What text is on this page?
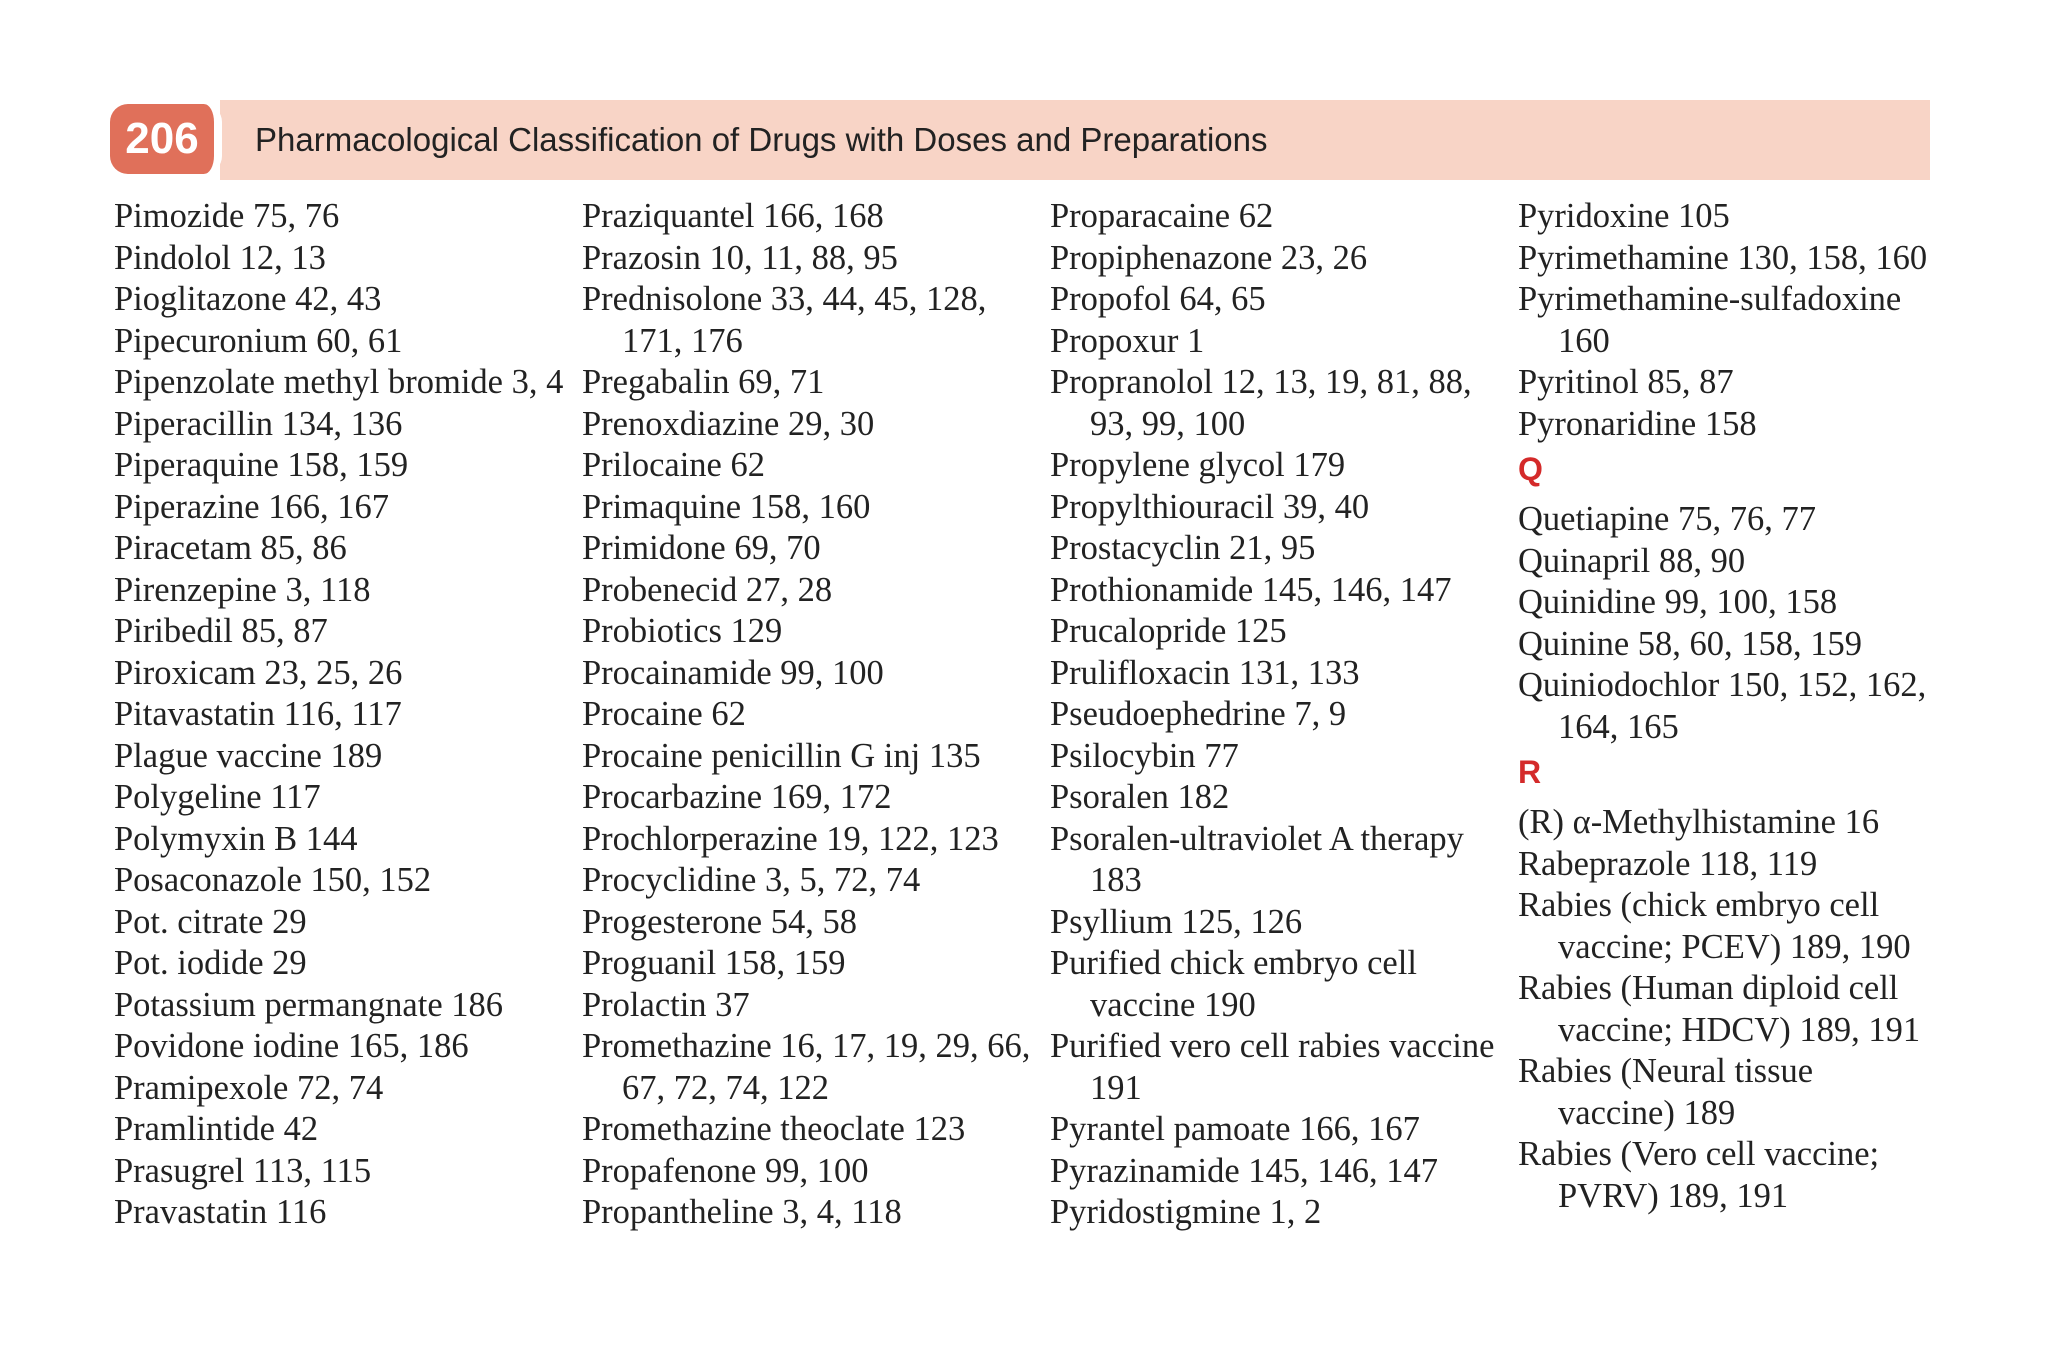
206	Pharmacological Classification of Drugs with Doses and Preparations
Pimozide 75, 76
Pindolol 12, 13
Pioglitazone 42, 43
Pipecuronium 60, 61
Pipenzolate methyl bromide 3, 4
Piperacillin 134, 136
Piperaquine 158, 159
Piperazine 166, 167
Piracetam 85, 86
Pirenzepine 3, 118
Piribedil 85, 87
Piroxicam 23, 25, 26
Pitavastatin 116, 117
Plague vaccine 189
Polygeline 117
Polymyxin B 144
Posaconazole 150, 152
Pot. citrate 29
Pot. iodide 29
Potassium permangnate 186
Povidone iodine 165, 186
Pramipexole 72, 74
Pramlintide 42
Prasugrel 113, 115
Pravastatin 116
Praziquantel 166, 168
Prazosin 10, 11, 88, 95
Prednisolone 33, 44, 45, 128, 171, 176
Pregabalin 69, 71
Prenoxdiazine 29, 30
Prilocaine 62
Primaquine 158, 160
Primidone 69, 70
Probenecid 27, 28
Probiotics 129
Procainamide 99, 100
Procaine 62
Procaine penicillin G inj 135
Procarbazine 169, 172
Prochlorperazine 19, 122, 123
Procyclidine 3, 5, 72, 74
Progesterone 54, 58
Proguanil 158, 159
Prolactin 37
Promethazine 16, 17, 19, 29, 66, 67, 72, 74, 122
Promethazine theoclate 123
Propafenone 99, 100
Propantheline 3, 4, 118
Proparacaine 62
Propiphenazone 23, 26
Propofol 64, 65
Propoxur 1
Propranolol 12, 13, 19, 81, 88, 93, 99, 100
Propylene glycol 179
Propylthiouracil 39, 40
Prostacyclin 21, 95
Prothionamide 145, 146, 147
Prucalopride 125
Prulifloxacin 131, 133
Pseudoephedrine 7, 9
Psilocybin 77
Psoralen 182
Psoralen-ultraviolet A therapy 183
Psyllium 125, 126
Purified chick embryo cell vaccine 190
Purified vero cell rabies vaccine 191
Pyrantel pamoate 166, 167
Pyrazinamide 145, 146, 147
Pyridostigmine 1, 2
Pyridoxine 105
Pyrimethamine 130, 158, 160
Pyrimethamine-sulfadoxine 160
Pyritinol 85, 87
Pyronaridine 158
Q
Quetiapine 75, 76, 77
Quinapril 88, 90
Quinidine 99, 100, 158
Quinine 58, 60, 158, 159
Quiniodochlor 150, 152, 162, 164, 165
R
(R) α-Methylhistamine 16
Rabeprazole 118, 119
Rabies (chick embryo cell vaccine; PCEV) 189, 190
Rabies (Human diploid cell vaccine; HDCV) 189, 191
Rabies (Neural tissue vaccine) 189
Rabies (Vero cell vaccine; PVRV) 189, 191
